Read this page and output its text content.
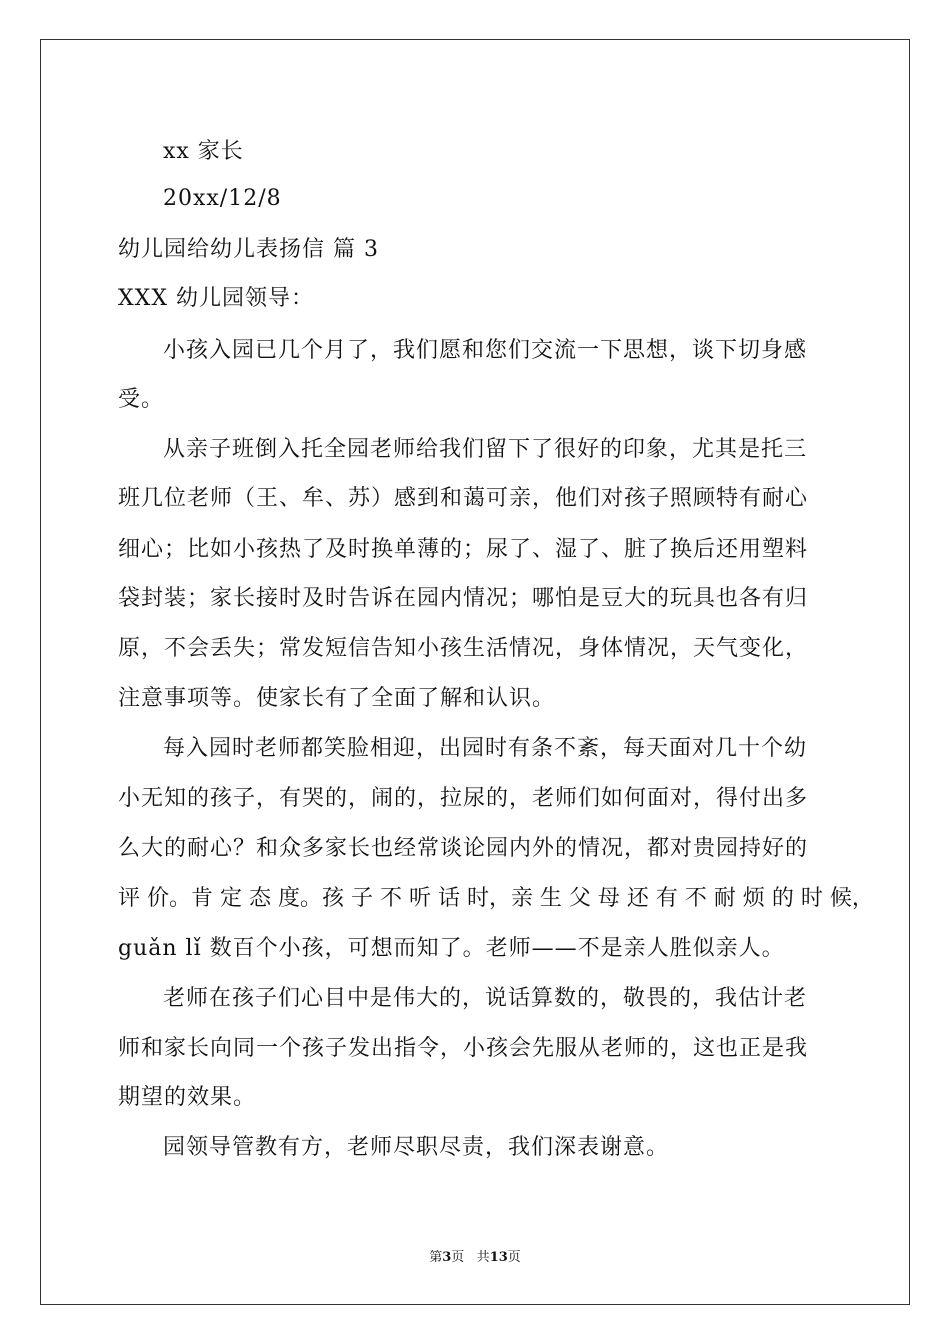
xx 家长
20xx/12/8
幼儿园给幼儿表扬信 篇 3
XXX 幼儿园领导：
小孩入园已几个月了，我们愿和您们交流一下思想，谈下切身感
受。
从亲子班倒入托全园老师给我们留下了很好的印象，尤其是托三
班几位老师（王、牟、苏）感到和蔼可亲，他们对孩子照顾特有耐心
细心；比如小孩热了及时换单薄的；尿了、湿了、脏了换后还用塑料
袋封装；家长接时及时告诉在园内情况；哪怕是豆大的玩具也各有归
原，不会丢失；常发短信告知小孩生活情况，身体情况，天气变化，
注意事项等。使家长有了全面了解和认识。
每入园时老师都笑脸相迎，出园时有条不紊，每天面对几十个幼
小无知的孩子，有哭的，闹的，拉尿的，老师们如何面对，得付出多
么大的耐心？和众多家长也经常谈论园内外的情况，都对贵园持好的
评 价。肯 定 态 度。孩 子 不 听 话 时，亲 生 父 母 还 有 不 耐 烦 的 时 候，
guǎn lǐ 数百个小孩，可想而知了。老师——不是亲人胜似亲人。
老师在孩子们心目中是伟大的，说话算数的，敬畏的，我估计老
师和家长向同一个孩子发出指令，小孩会先服从老师的，这也正是我
期望的效果。
园领导管教有方，老师尽职尽责，我们深表谢意。
第3页 共13页
